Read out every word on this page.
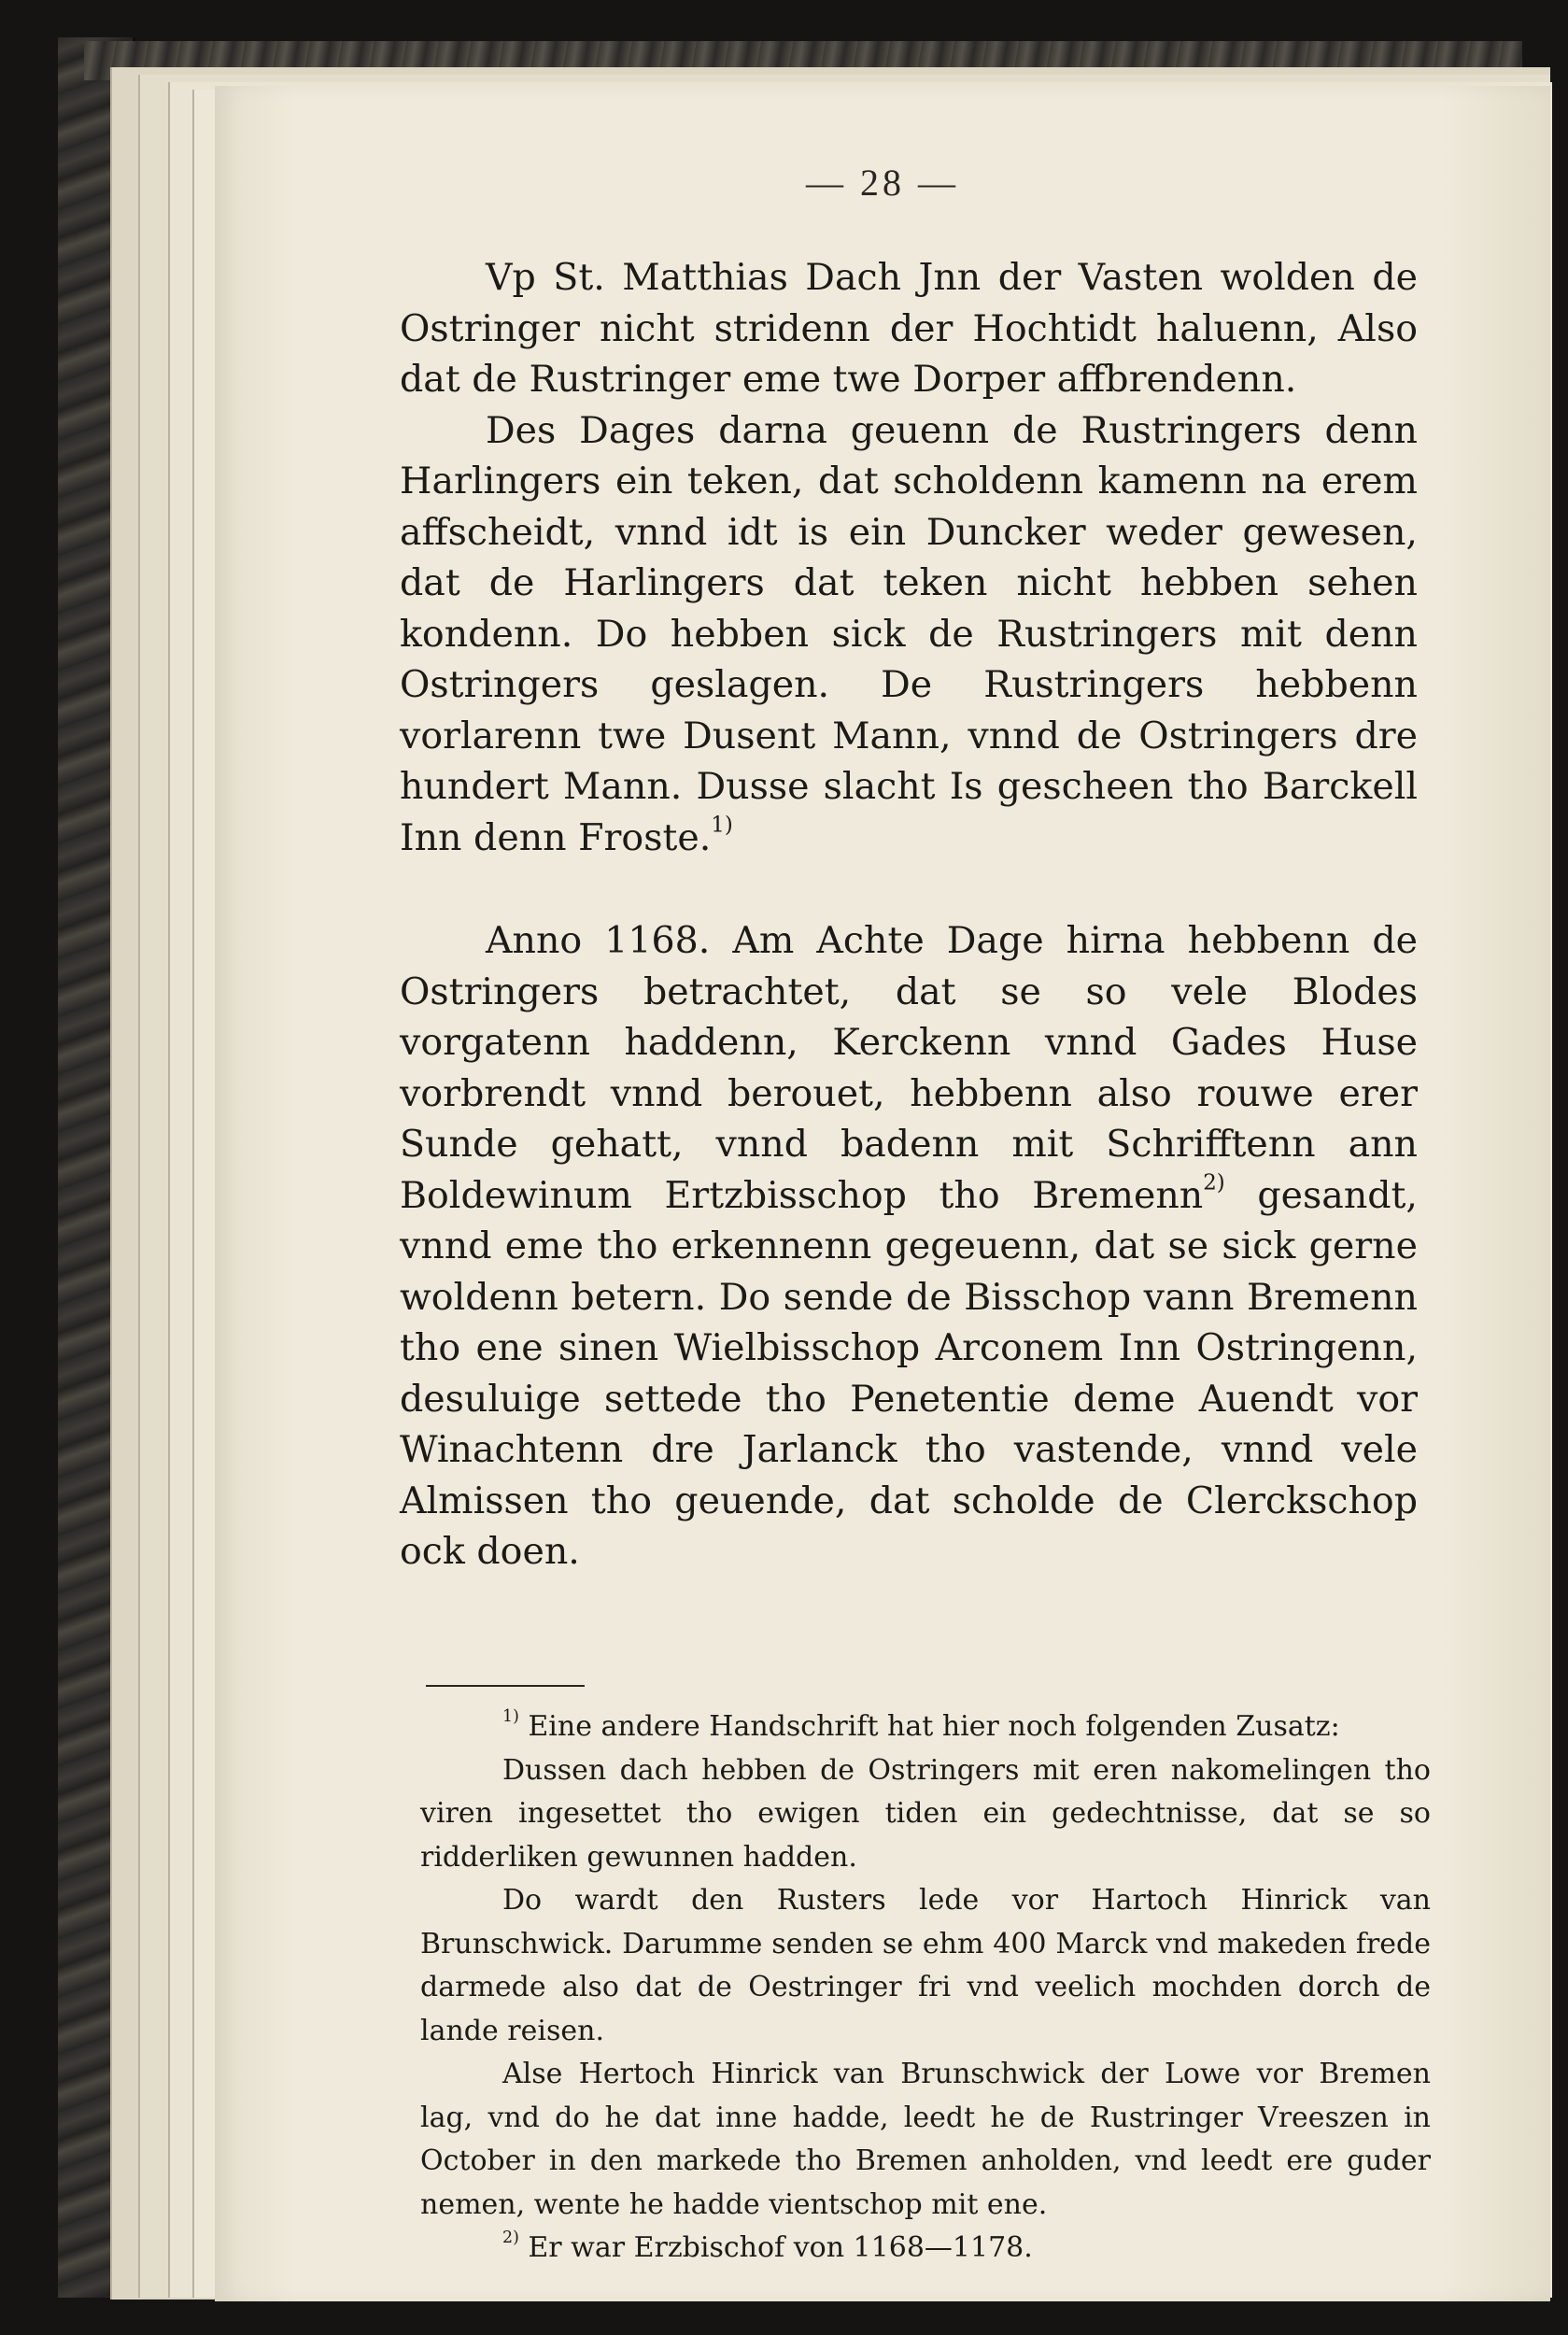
— 28 —

Vp St. Matthias Dach Jnn der Vasten wolden de Ostringer nicht stridenn der Hochtidt haluenn, Also dat de Rustringer eme twe Dorper affbrendenn.

Des Dages darna geuenn de Rustringers denn Harlingers ein teken, dat scholdenn kamenn na erem affscheidt, vnnd idt is ein Duncker weder gewesen, dat de Harlingers dat teken nicht hebben sehen kondenn. Do hebben sick de Rustringers mit denn Ostringers geslagen. De Rustringers hebbenn vorlarenn twe Dusent Mann, vnnd de Ostringers dre hundert Mann. Dusse slacht Is gescheen tho Barckell Inn denn Froste.$^{1)}$

Anno 1168. Am Achte Dage hirna hebbenn de Ostringers betrachtet, dat se so vele Blodes vorgatenn haddenn, Kerckenn vnnd Gades Huse vorbrendt vnnd berouet, hebbenn also rouwe erer Sunde gehatt, vnnd badenn mit Schrifftenn ann Boldewinum Ertzbisschop tho Bremenn$^{2)}$ gesandt, vnnd eme tho erkennenn gegeuenn, dat se sick gerne woldenn betern. Do sende de Bisschop vann Bremenn tho ene sinen Wielbisschop Arconem Inn Ostringenn, desuluige settede tho Penetentie deme Auendt vor Winachtenn dre Jarlanck tho vastende, vnnd vele Almissen tho geuende, dat scholde de Clerckschop ock doen.

$^{1)}$ Eine andere Handschrift hat hier noch folgenden Zusatz:

Dussen dach hebben de Ostringers mit eren nakomelingen tho viren ingesettet tho ewigen tiden ein gedechtnisse, dat se so ridderliken gewunnen hadden.

Do wardt den Rusters lede vor Hartoch Hinrick van Brunschwick. Darumme senden se ehm 400 Marck vnd makeden frede darmede also dat de Oestringer fri vnd veelich mochden dorch de lande reisen.

Alse Hertoch Hinrick van Brunschwick der Lowe vor Bremen lag, vnd do he dat inne hadde, leedt he de Rustringer Vreeszen in October in den markede tho Bremen anholden, vnd leedt ere guder nemen, wente he hadde vientschop mit ene.

$^{2)}$ Er war Erzbischof von 1168—1178.
